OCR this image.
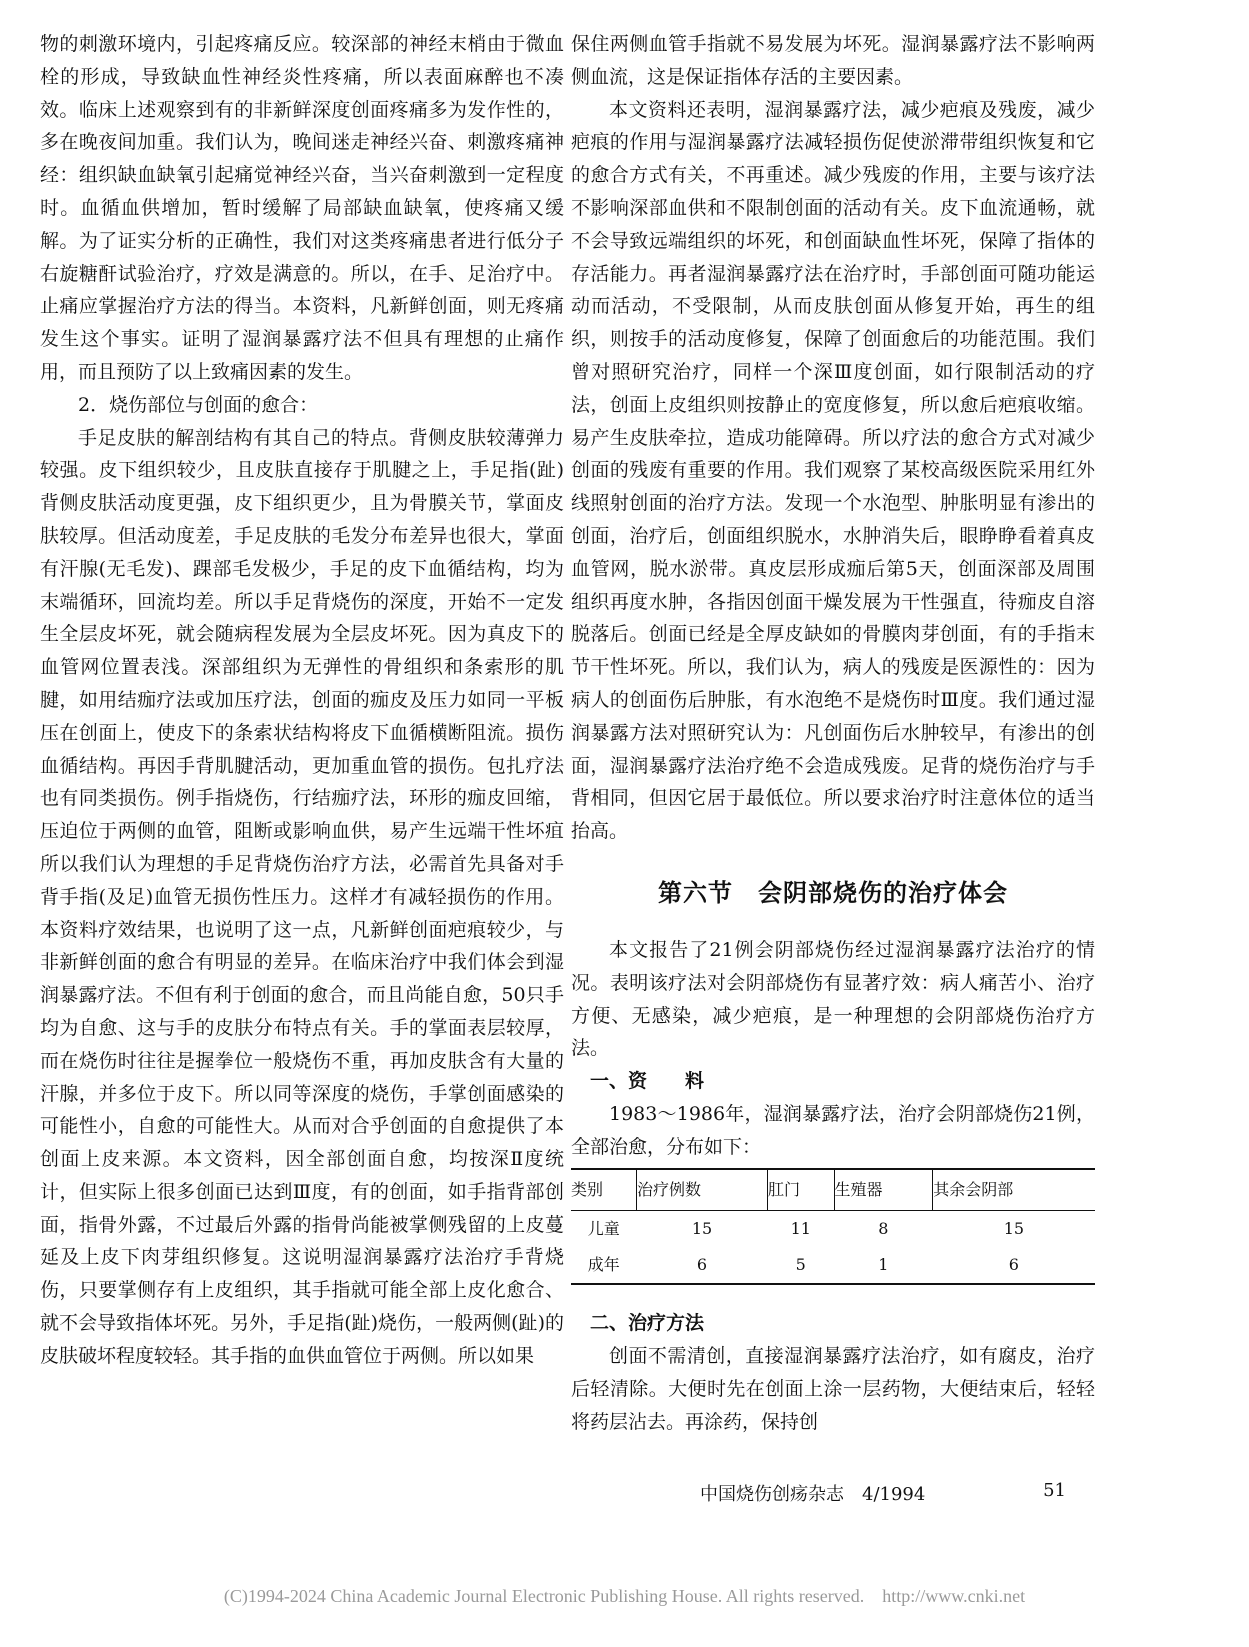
物的刺激环境内，引起疼痛反应。较深部的神经末梢由于微血栓的形成，导致缺血性神经炎性疼痛，所以表面麻醉也不凑效。临床上述观察到有的非新鲜深度创面疼痛多为发作性的，多在晚夜间加重。我们认为，晚间迷走神经兴奋、刺激疼痛神经：组织缺血缺氧引起痛觉神经兴奋，当兴奋刺激到一定程度时。血循血供增加，暂时缓解了局部缺血缺氧，使疼痛又缓解。为了证实分析的正确性，我们对这类疼痛患者进行低分子右旋糖酐试验治疗，疗效是满意的。所以，在手、足治疗中。止痛应掌握治疗方法的得当。本资料，凡新鲜创面，则无疼痛发生这个事实。证明了湿润暴露疗法不但具有理想的止痛作用，而且预防了以上致痛因素的发生。

2．烧伤部位与创面的愈合：

手足皮肤的解剖结构有其自己的特点。背侧皮肤较薄弹力较强。皮下组织较少，且皮肤直接存于肌腱之上，手足指(趾)背侧皮肤活动度更强，皮下组织更少，且为骨膜关节，掌面皮肤较厚。但活动度差，手足皮肤的毛发分布差异也很大，掌面有汗腺(无毛发)、踝部毛发极少，手足的皮下血循结构，均为末端循环，回流均差。所以手足背烧伤的深度，开始不一定发生全层皮坏死，就会随病程发展为全层皮坏死。因为真皮下的血管网位置表浅。深部组织为无弹性的骨组织和条索形的肌腱，如用结痂疗法或加压疗法，创面的痂皮及压力如同一平板压在创面上，使皮下的条索状结构将皮下血循横断阻流。损伤血循结构。再因手背肌腱活动，更加重血管的损伤。包扎疗法也有同类损伤。例手指烧伤，行结痂疗法，环形的痂皮回缩，压迫位于两侧的血管，阻断或影响血供，易产生远端干性坏疽所以我们认为理想的手足背烧伤治疗方法，必需首先具备对手背手指(及足)血管无损伤性压力。这样才有减轻损伤的作用。本资料疗效结果，也说明了这一点，凡新鲜创面疤痕较少，与非新鲜创面的愈合有明显的差异。在临床治疗中我们体会到湿润暴露疗法。不但有利于创面的愈合，而且尚能自愈，50只手均为自愈、这与手的皮肤分布特点有关。手的掌面表层较厚，而在烧伤时往往是握拳位一般烧伤不重，再加皮肤含有大量的汗腺，并多位于皮下。所以同等深度的烧伤，手掌创面感染的可能性小，自愈的可能性大。从而对合乎创面的自愈提供了本创面上皮来源。本文资料，因全部创面自愈，均按深Ⅱ度统计，但实际上很多创面已达到Ⅲ度，有的创面，如手指背部创面，指骨外露，不过最后外露的指骨尚能被掌侧残留的上皮蔓延及上皮下肉芽组织修复。这说明湿润暴露疗法治疗手背烧伤，只要掌侧存有上皮组织，其手指就可能全部上皮化愈合、就不会导致指体坏死。另外，手足指(趾)烧伤，一般两侧(趾)的皮肤破坏程度较轻。其手指的血供血管位于两侧。所以如果

保住两侧血管手指就不易发展为坏死。湿润暴露疗法不影响两侧血流，这是保证指体存活的主要因素。

本文资料还表明，湿润暴露疗法，减少疤痕及残废，减少疤痕的作用与湿润暴露疗法减轻损伤促使淤滞带组织恢复和它的愈合方式有关，不再重述。减少残废的作用，主要与该疗法不影响深部血供和不限制创面的活动有关。皮下血流通畅，就不会导致远端组织的坏死，和创面缺血性坏死，保障了指体的存活能力。再者湿润暴露疗法在治疗时，手部创面可随功能运动而活动，不受限制，从而皮肤创面从修复开始，再生的组织，则按手的活动度修复，保障了创面愈后的功能范围。我们曾对照研究治疗，同样一个深Ⅲ度创面，如行限制活动的疗法，创面上皮组织则按静止的宽度修复，所以愈后疤痕收缩。易产生皮肤牵拉，造成功能障碍。所以疗法的愈合方式对减少创面的残废有重要的作用。我们观察了某校高级医院采用红外线照射创面的治疗方法。发现一个水泡型、肿胀明显有渗出的创面，治疗后，创面组织脱水，水肿消失后，眼睁睁看着真皮血管网，脱水淤带。真皮层形成痂后第5天，创面深部及周围组织再度水肿，各指因创面干燥发展为干性强直，待痂皮自溶脱落后。创面已经是全厚皮缺如的骨膜肉芽创面，有的手指末节干性坏死。所以，我们认为，病人的残废是医源性的：因为病人的创面伤后肿胀，有水泡绝不是烧伤时Ⅲ度。我们通过湿润暴露方法对照研究认为：凡创面伤后水肿较早，有渗出的创面，湿润暴露疗法治疗绝不会造成残废。足背的烧伤治疗与手背相同，但因它居于最低位。所以要求治疗时注意体位的适当抬高。

第六节　会阴部烧伤的治疗体会

本文报告了21例会阴部烧伤经过湿润暴露疗法治疗的情况。表明该疗法对会阴部烧伤有显著疗效：病人痛苦小、治疗方便、无感染，减少疤痕，是一种理想的会阴部烧伤治疗方法。

一、资　　料

1983～1986年，湿润暴露疗法，治疗会阴部烧伤21例，全部治愈，分布如下：

类别	治疗例数	肛门	生殖器	其余会阴部
儿童	15	11	8	15
成年	6	5	1	6
二、治疗方法

创面不需清创，直接湿润暴露疗法治疗，如有腐皮，治疗后轻清除。大便时先在创面上涂一层药物，大便结束后，轻轻将药层沾去。再涂药，保持创

中国烧伤创疡杂志　4/1994	51
(C)1994-2024 China Academic Journal Electronic Publishing House. All rights reserved.　http://www.cnki.net
